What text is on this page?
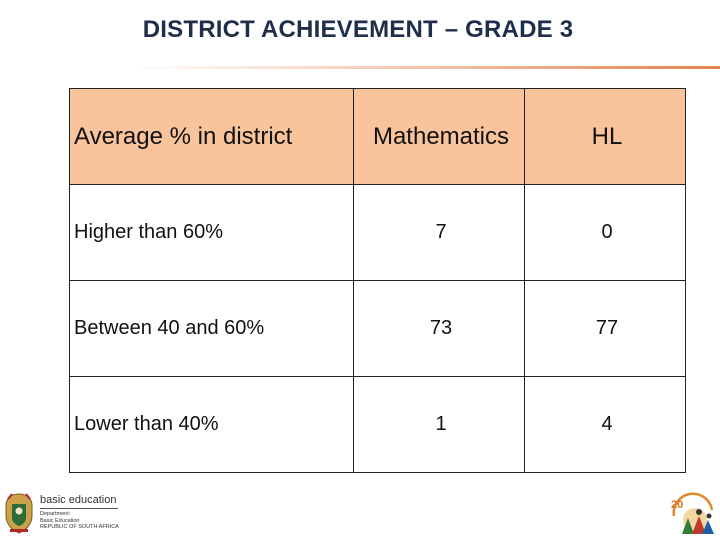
DISTRICT ACHIEVEMENT – GRADE 3
Average % in district	Mathematics	HL
Higher than 60%	7	0
Between 40 and 60%	73	77
Lower than 40%	1	4
basic education
Department:
Basic Education
REPUBLIC OF SOUTH AFRICA
20
